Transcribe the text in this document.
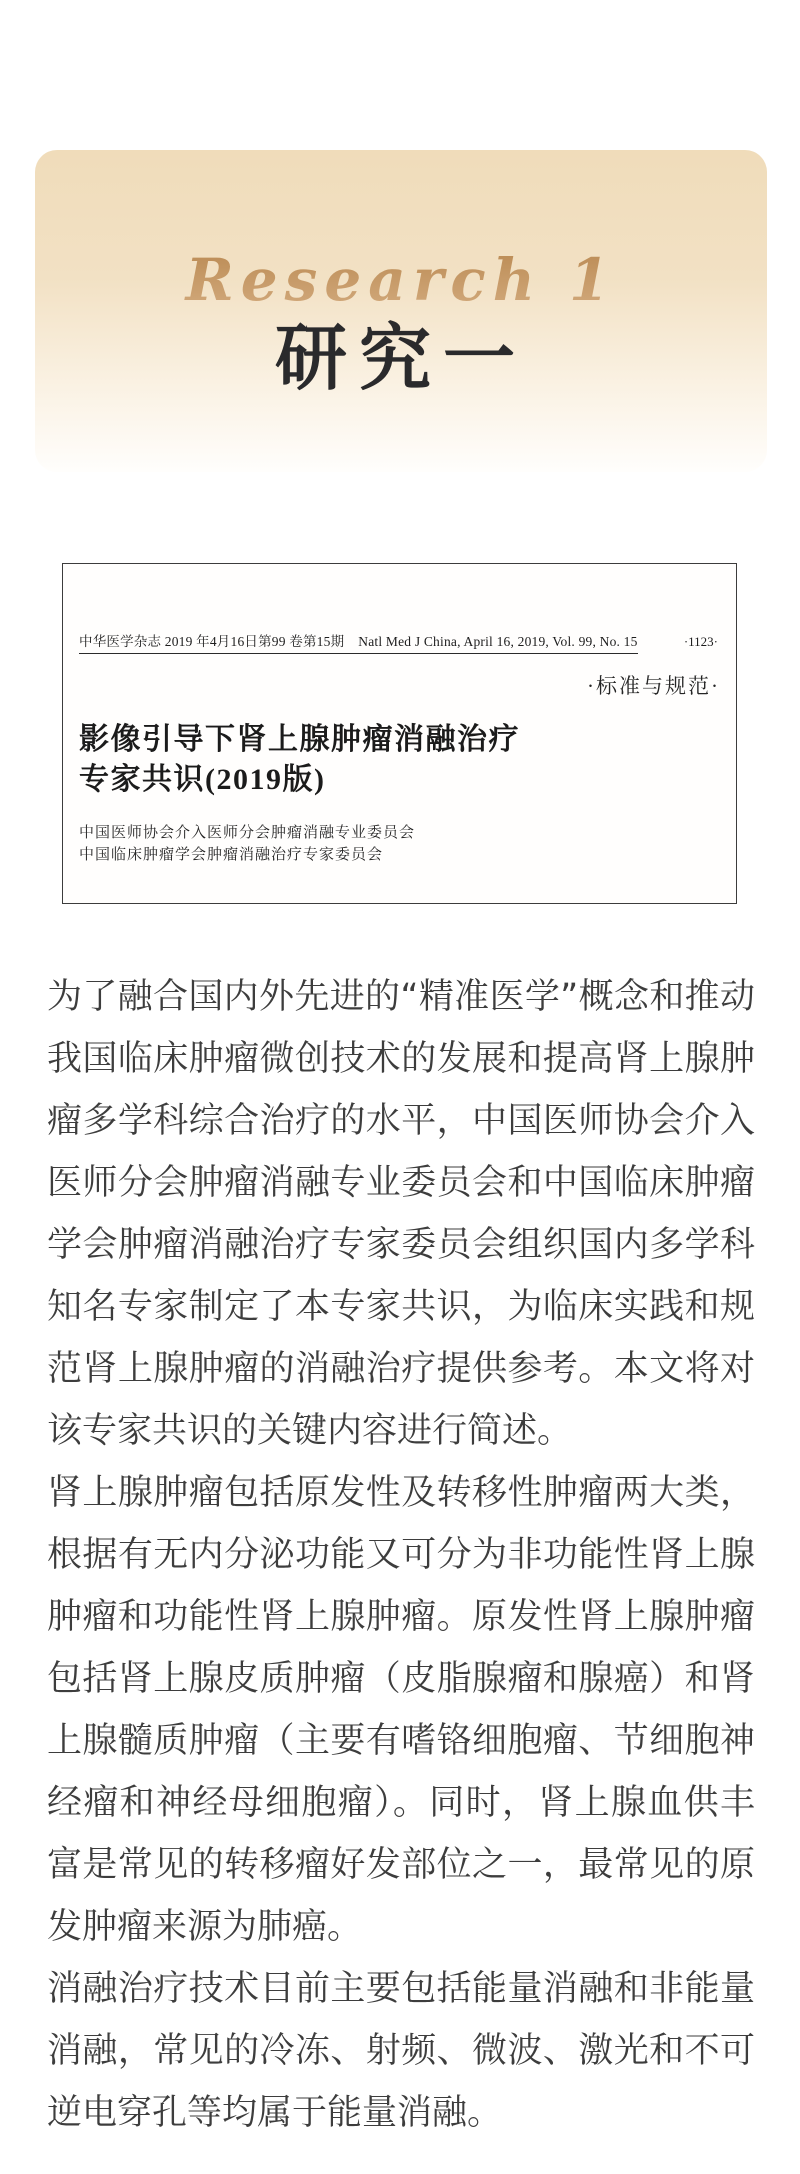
Research 1
研究一
中华医学杂志 2019 年4月16日第99 卷第15期 Natl Med J China, April 16, 2019, Vol. 99, No. 15	·1123·
·标准与规范·
影像引导下肾上腺肿瘤消融治疗
专家共识(2019版)
中国医师协会介入医师分会肿瘤消融专业委员会
中国临床肿瘤学会肿瘤消融治疗专家委员会

为了融合国内外先进的“精准医学”概念和推动我国临床肿瘤微创技术的发展和提高肾上腺肿瘤多学科综合治疗的水平，中国医师协会介入医师分会肿瘤消融专业委员会和中国临床肿瘤学会肿瘤消融治疗专家委员会组织国内多学科知名专家制定了本专家共识，为临床实践和规范肾上腺肿瘤的消融治疗提供参考。本文将对该专家共识的关键内容进行简述。

肾上腺肿瘤包括原发性及转移性肿瘤两大类，根据有无内分泌功能又可分为非功能性肾上腺肿瘤和功能性肾上腺肿瘤。原发性肾上腺肿瘤包括肾上腺皮质肿瘤（皮脂腺瘤和腺癌）和肾上腺髓质肿瘤（主要有嗜铬细胞瘤、节细胞神经瘤和神经母细胞瘤）。同时，肾上腺血供丰富是常见的转移瘤好发部位之一，最常见的原发肿瘤来源为肺癌。

消融治疗技术目前主要包括能量消融和非能量消融，常见的冷冻、射频、微波、激光和不可逆电穿孔等均属于能量消融。
